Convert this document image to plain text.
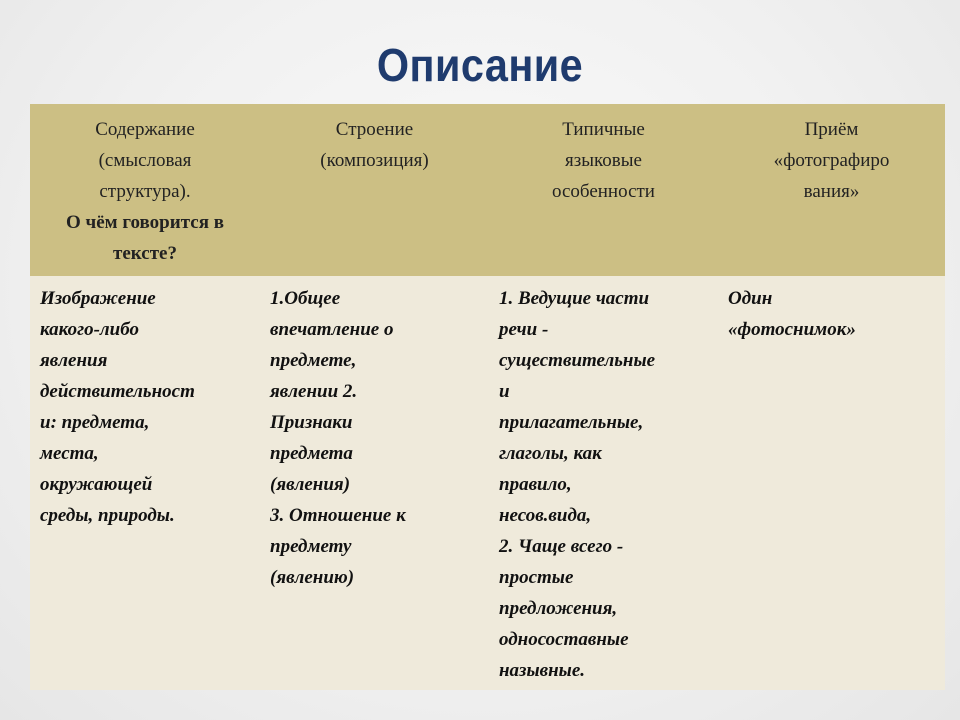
Описание
Содержание
(смысловая
структура).
О чём говорится в
тексте?
Строение
(композиция)
Типичные
языковые
особенности
Приём
«фотографиро
вания»
Изображение
какого-либо
явления
действительност
и: предмета,
места,
окружающей
среды, природы.
1.Общее
впечатление о
предмете,
явлении 2.
Признаки
предмета
(явления)
3. Отношение к
предмету
(явлению)
1. Ведущие части
речи -
существительные
и
прилагательные,
глаголы, как
правило,
несов.вида,
2. Чаще всего -
простые
предложения,
односоставные
назывные.
Один
«фотоснимок»
